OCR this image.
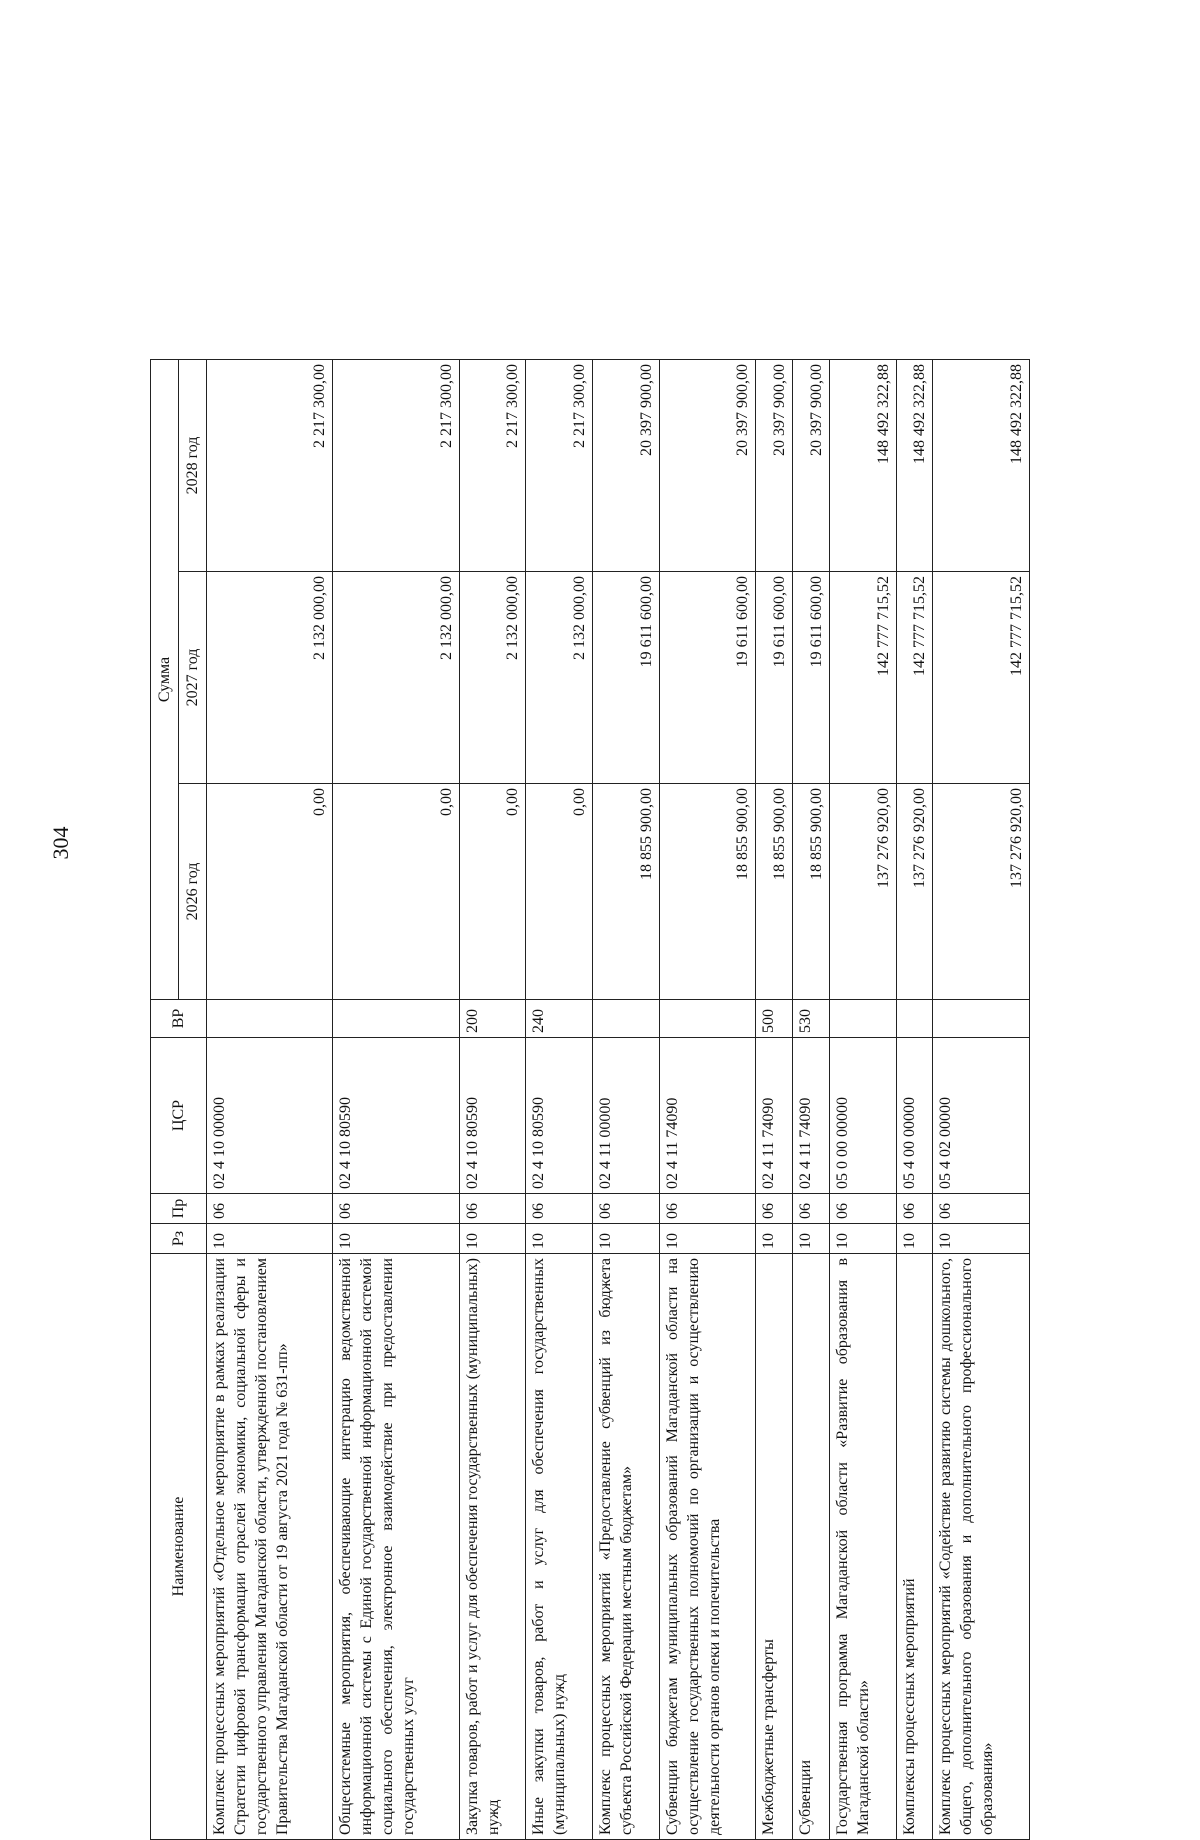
304
Наименование	Рз	Пр	ЦСР	ВР	Сумма		
					2026 год	2027 год	2028 год
Комплекс процессных мероприятий «Отдельное мероприятие в рамках реализации Стратегии цифровой трансформации отраслей экономики, социальной сферы и государственного управления Магаданской области, утвержденной постановлением Правительства Магаданской области от 19 августа 2021 года № 631-пп»	10	06	02 4 10 00000		0,00	2 132 000,00	2 217 300,00
Общесистемные мероприятия, обеспечивающие интеграцию ведомственной информационной системы с Единой государственной информационной системой социального обеспечения, электронное взаимодействие при предоставлении государственных услуг	10	06	02 4 10 80590		0,00	2 132 000,00	2 217 300,00
Закупка товаров, работ и услуг для обеспечения государственных (муниципальных) нужд	10	06	02 4 10 80590	200	0,00	2 132 000,00	2 217 300,00
Иные закупки товаров, работ и услуг для обеспечения государственных (муниципальных) нужд	10	06	02 4 10 80590	240	0,00	2 132 000,00	2 217 300,00
Комплекс процессных мероприятий «Предоставление субвенций из бюджета субъекта Российской Федерации местным бюджетам»	10	06	02 4 11 00000		18 855 900,00	19 611 600,00	20 397 900,00
Субвенции бюджетам муниципальных образований Магаданской области на осуществление государственных полномочий по организации и осуществлению деятельности органов опеки и попечительства	10	06	02 4 11 74090		18 855 900,00	19 611 600,00	20 397 900,00
Межбюджетные трансферты	10	06	02 4 11 74090	500	18 855 900,00	19 611 600,00	20 397 900,00
Субвенции	10	06	02 4 11 74090	530	18 855 900,00	19 611 600,00	20 397 900,00
Государственная программа Магаданской области «Развитие образования в Магаданской области»	10	06	05 0 00 00000		137 276 920,00	142 777 715,52	148 492 322,88
Комплексы процессных мероприятий	10	06	05 4 00 00000		137 276 920,00	142 777 715,52	148 492 322,88
Комплекс процессных мероприятий «Содействие развитию системы дошкольного, общего, дополнительного образования и дополнительного профессионального образования»	10	06	05 4 02 00000		137 276 920,00	142 777 715,52	148 492 322,88
